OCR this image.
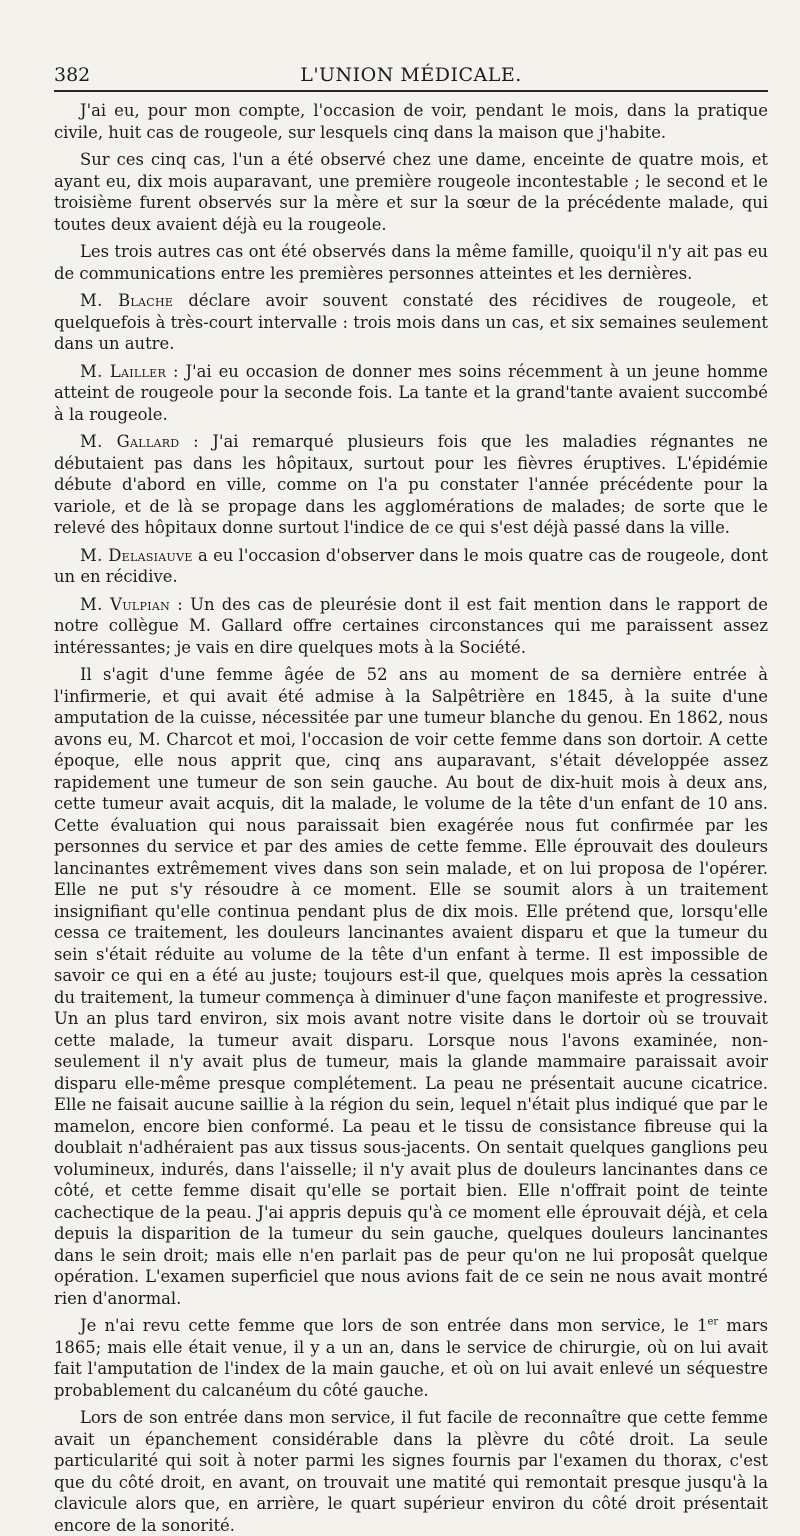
382	L'UNION MÉDICALE.

J'ai eu, pour mon compte, l'occasion de voir, pendant le mois, dans la pratique civile, huit cas de rougeole, sur lesquels cinq dans la maison que j'habite.

Sur ces cinq cas, l'un a été observé chez une dame, enceinte de quatre mois, et ayant eu, dix mois auparavant, une première rougeole incontestable ; le second et le troisième furent observés sur la mère et sur la sœur de la précédente malade, qui toutes deux avaient déjà eu la rougeole.

Les trois autres cas ont été observés dans la même famille, quoiqu'il n'y ait pas eu de communications entre les premières personnes atteintes et les dernières.

M. Blache déclare avoir souvent constaté des récidives de rougeole, et quelquefois à très-court intervalle : trois mois dans un cas, et six semaines seulement dans un autre.

M. Lailler : J'ai eu occasion de donner mes soins récemment à un jeune homme atteint de rougeole pour la seconde fois. La tante et la grand'tante avaient succombé à la rougeole.

M. Gallard : J'ai remarqué plusieurs fois que les maladies régnantes ne débutaient pas dans les hôpitaux, surtout pour les fièvres éruptives. L'épidémie débute d'abord en ville, comme on l'a pu constater l'année précédente pour la variole, et de là se propage dans les agglomérations de malades; de sorte que le relevé des hôpitaux donne surtout l'indice de ce qui s'est déjà passé dans la ville.

M. Delasiauve a eu l'occasion d'observer dans le mois quatre cas de rougeole, dont un en récidive.

M. Vulpian : Un des cas de pleurésie dont il est fait mention dans le rapport de notre collègue M. Gallard offre certaines circonstances qui me paraissent assez intéressantes; je vais en dire quelques mots à la Société.

Il s'agit d'une femme âgée de 52 ans au moment de sa dernière entrée à l'infirmerie, et qui avait été admise à la Salpêtrière en 1845, à la suite d'une amputation de la cuisse, nécessitée par une tumeur blanche du genou. En 1862, nous avons eu, M. Charcot et moi, l'occasion de voir cette femme dans son dortoir. A cette époque, elle nous apprit que, cinq ans auparavant, s'était développée assez rapidement une tumeur de son sein gauche. Au bout de dix-huit mois à deux ans, cette tumeur avait acquis, dit la malade, le volume de la tête d'un enfant de 10 ans. Cette évaluation qui nous paraissait bien exagérée nous fut confirmée par les personnes du service et par des amies de cette femme. Elle éprouvait des douleurs lancinantes extrêmement vives dans son sein malade, et on lui proposa de l'opérer. Elle ne put s'y résoudre à ce moment. Elle se soumit alors à un traitement insignifiant qu'elle continua pendant plus de dix mois. Elle prétend que, lorsqu'elle cessa ce traitement, les douleurs lancinantes avaient disparu et que la tumeur du sein s'était réduite au volume de la tête d'un enfant à terme. Il est impossible de savoir ce qui en a été au juste; toujours est-il que, quelques mois après la cessation du traitement, la tumeur commença à diminuer d'une façon manifeste et progressive. Un an plus tard environ, six mois avant notre visite dans le dortoir où se trouvait cette malade, la tumeur avait disparu. Lorsque nous l'avons examinée, non-seulement il n'y avait plus de tumeur, mais la glande mammaire paraissait avoir disparu elle-même presque complétement. La peau ne présentait aucune cicatrice. Elle ne faisait aucune saillie à la région du sein, lequel n'était plus indiqué que par le mamelon, encore bien conformé. La peau et le tissu de consistance fibreuse qui la doublait n'adhéraient pas aux tissus sous-jacents. On sentait quelques ganglions peu volumineux, indurés, dans l'aisselle; il n'y avait plus de douleurs lancinantes dans ce côté, et cette femme disait qu'elle se portait bien. Elle n'offrait point de teinte cachectique de la peau. J'ai appris depuis qu'à ce moment elle éprouvait déjà, et cela depuis la disparition de la tumeur du sein gauche, quelques douleurs lancinantes dans le sein droit; mais elle n'en parlait pas de peur qu'on ne lui proposât quelque opération. L'examen superficiel que nous avions fait de ce sein ne nous avait montré rien d'anormal.

Je n'ai revu cette femme que lors de son entrée dans mon service, le 1er mars 1865; mais elle était venue, il y a un an, dans le service de chirurgie, où on lui avait fait l'amputation de l'index de la main gauche, et où on lui avait enlevé un séquestre probablement du calcanéum du côté gauche.

Lors de son entrée dans mon service, il fut facile de reconnaître que cette femme avait un épanchement considérable dans la plèvre du côté droit. La seule particularité qui soit à noter parmi les signes fournis par l'examen du thorax, c'est que du côté droit, en avant, on trouvait une matité qui remontait presque jusqu'à la clavicule alors que, en arrière, le quart supérieur environ du côté droit présentait encore de la sonorité.
